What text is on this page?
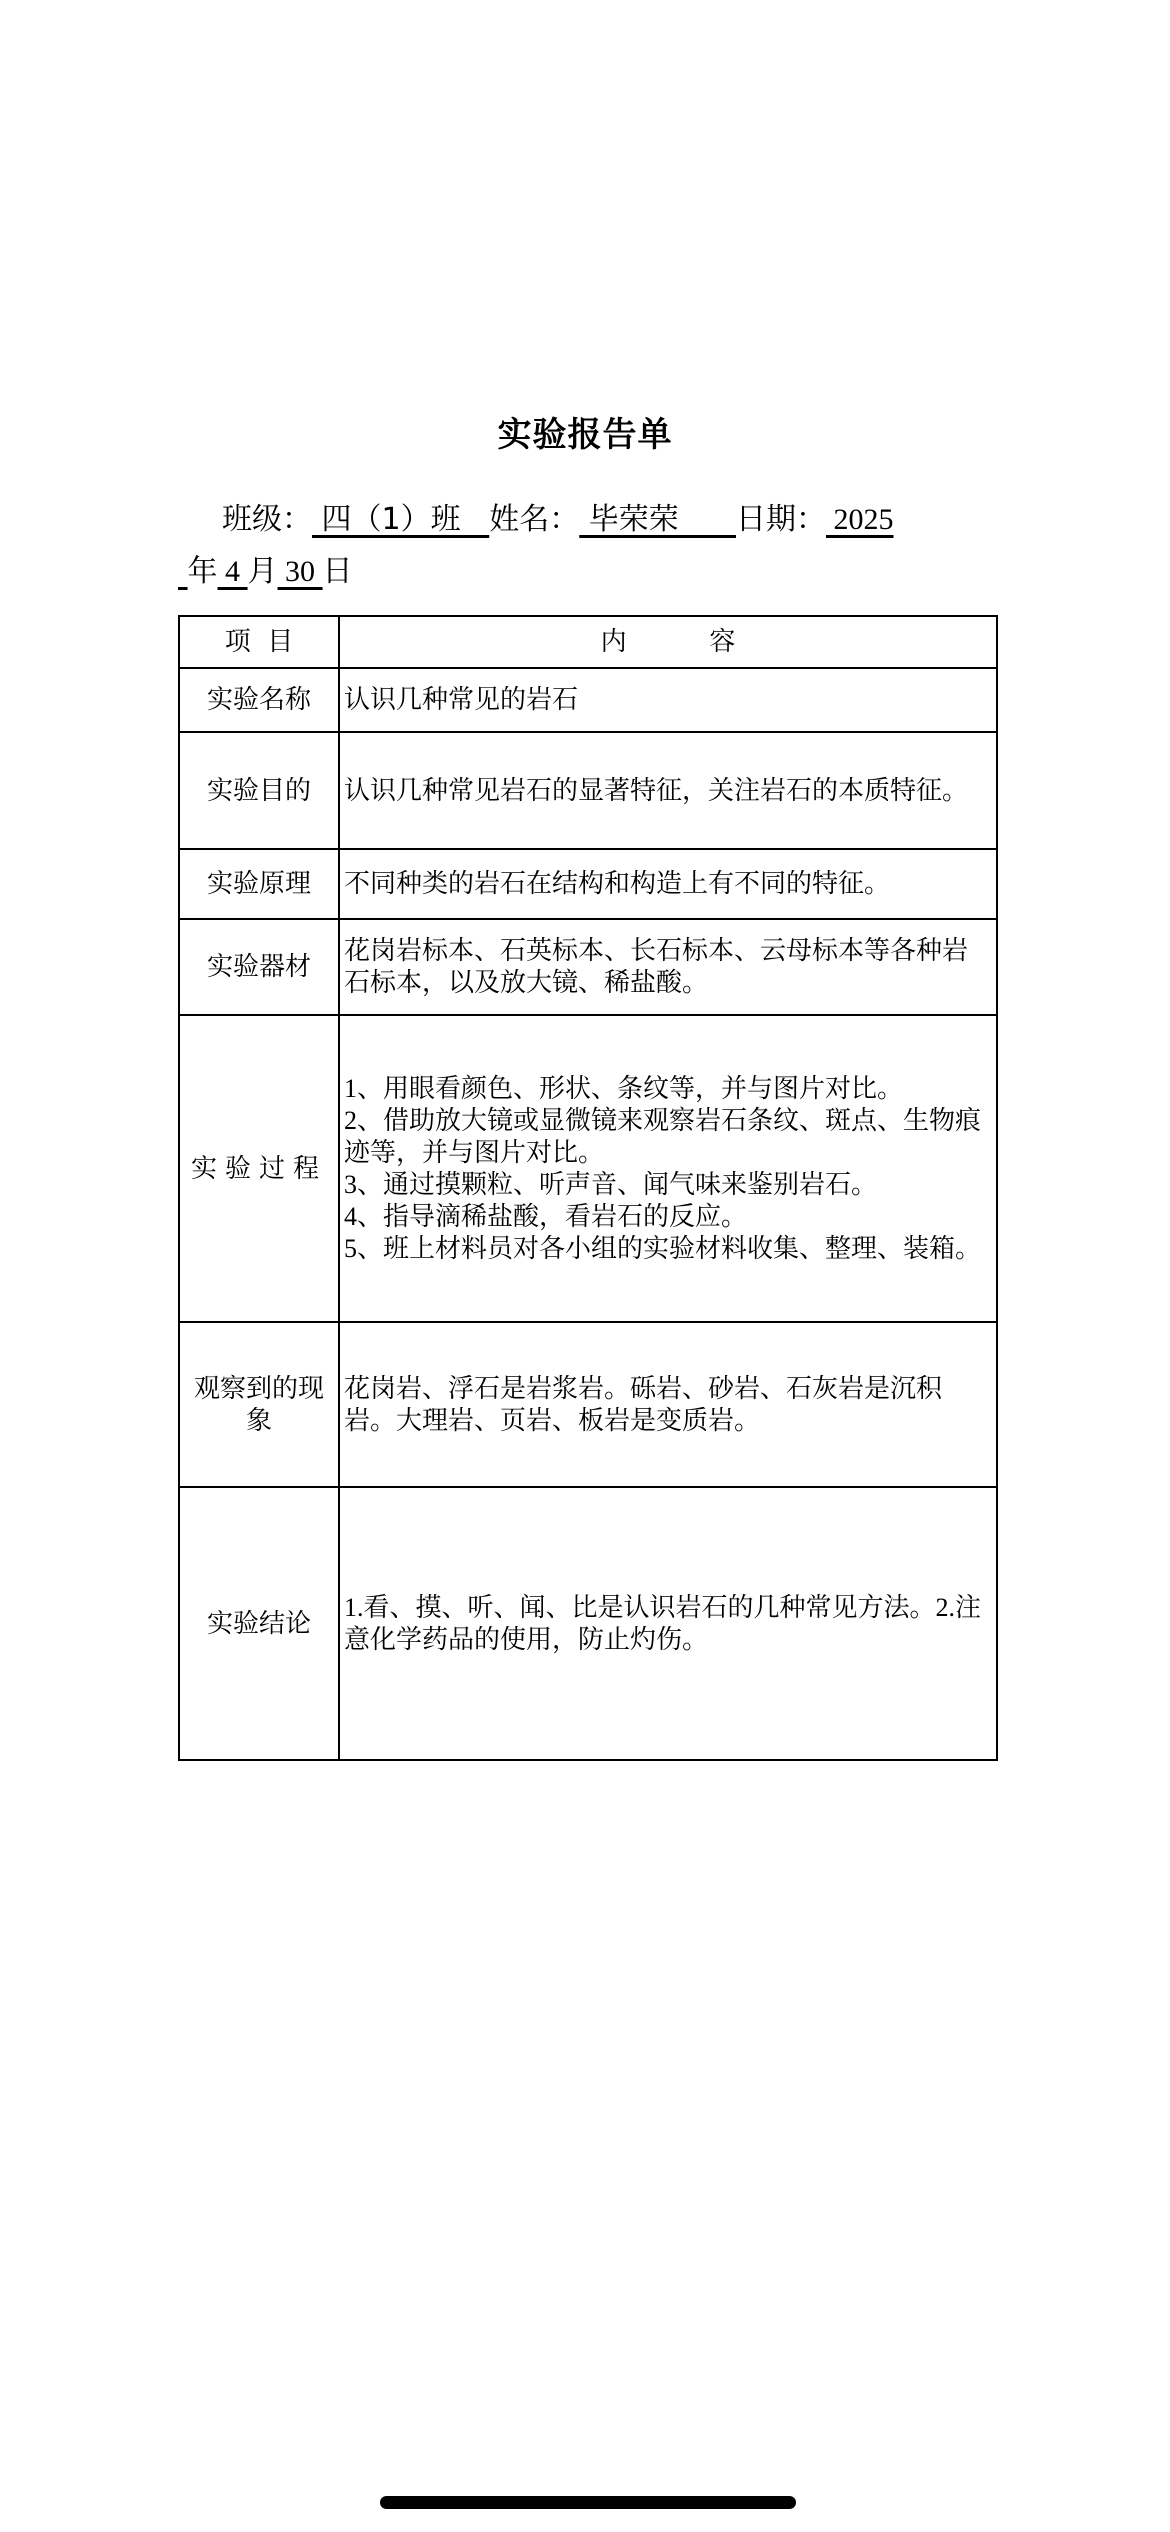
实验报告单
班级： 四（1）班   姓名： 毕荣荣      日期： 2025
年 4 月 30 日
项  目	内          容
实验名称	认识几种常见的岩石
实验目的	认识几种常见岩石的显著特征，关注岩石的本质特征。
实验原理	不同种类的岩石在结构和构造上有不同的特征。
实验器材	花岗岩标本、石英标本、长石标本、云母标本等各种岩石标本，以及放大镜、稀盐酸。
实验过程	1、用眼看颜色、形状、条纹等，并与图片对比。
2、借助放大镜或显微镜来观察岩石条纹、斑点、生物痕迹等，并与图片对比。
3、通过摸颗粒、听声音、闻气味来鉴别岩石。
4、指导滴稀盐酸，看岩石的反应。
5、班上材料员对各小组的实验材料收集、整理、装箱。

观察到的现象	花岗岩、浮石是岩浆岩。砾岩、砂岩、石灰岩是沉积岩。大理岩、页岩、板岩是变质岩。
实验结论	1.看、摸、听、闻、比是认识岩石的几种常见方法。2.注意化学药品的使用，防止灼伤。
